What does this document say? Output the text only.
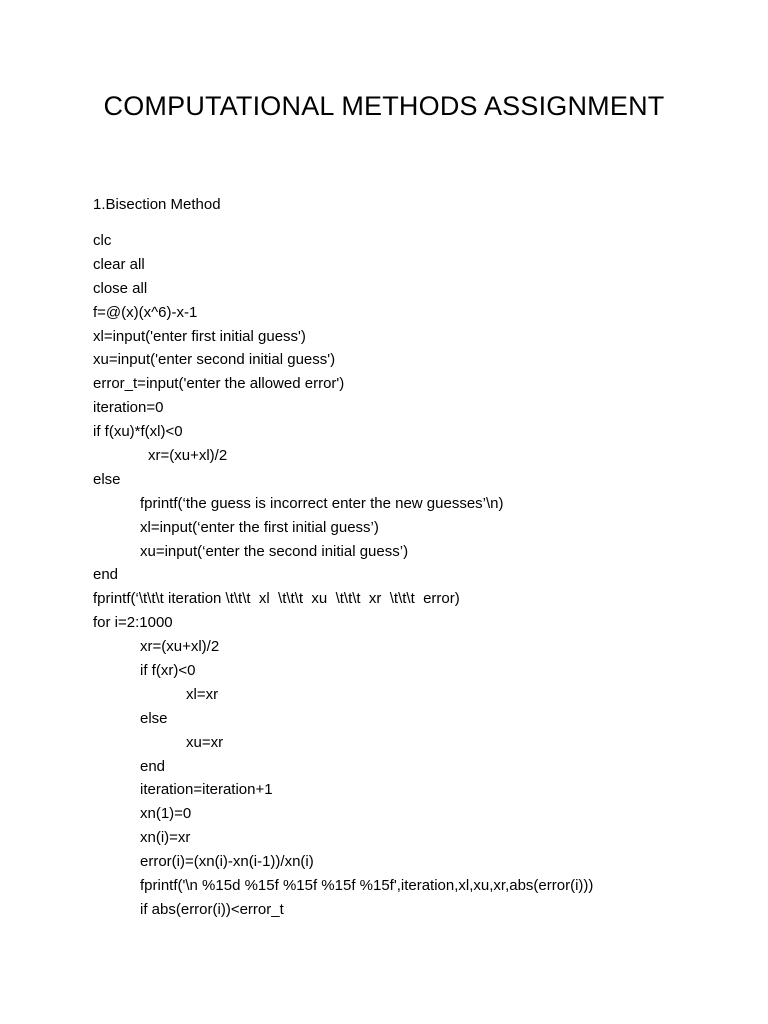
COMPUTATIONAL METHODS ASSIGNMENT
1.Bisection Method
clc
clear all
close all
f=@(x)(x^6)-x-1
xl=input('enter first initial guess')
xu=input('enter second initial guess')
error_t=input('enter the allowed error')
iteration=0
if f(xu)*f(xl)<0
xr=(xu+xl)/2
else
fprintf(‘the guess is incorrect enter the new guesses’\n)
xl=input(‘enter the first initial guess’)
xu=input(‘enter the second initial guess’)
end
fprintf(‘\t\t\t iteration \t\t\t  xl  \t\t\t  xu  \t\t\t  xr  \t\t\t  error)
for i=2:1000
xr=(xu+xl)/2
if f(xr)<0
xl=xr
else
xu=xr
end
iteration=iteration+1
xn(1)=0
xn(i)=xr
error(i)=(xn(i)-xn(i-1))/xn(i)
fprintf('\n %15d %15f %15f %15f %15f',iteration,xl,xu,xr,abs(error(i)))
if abs(error(i))<error_t
